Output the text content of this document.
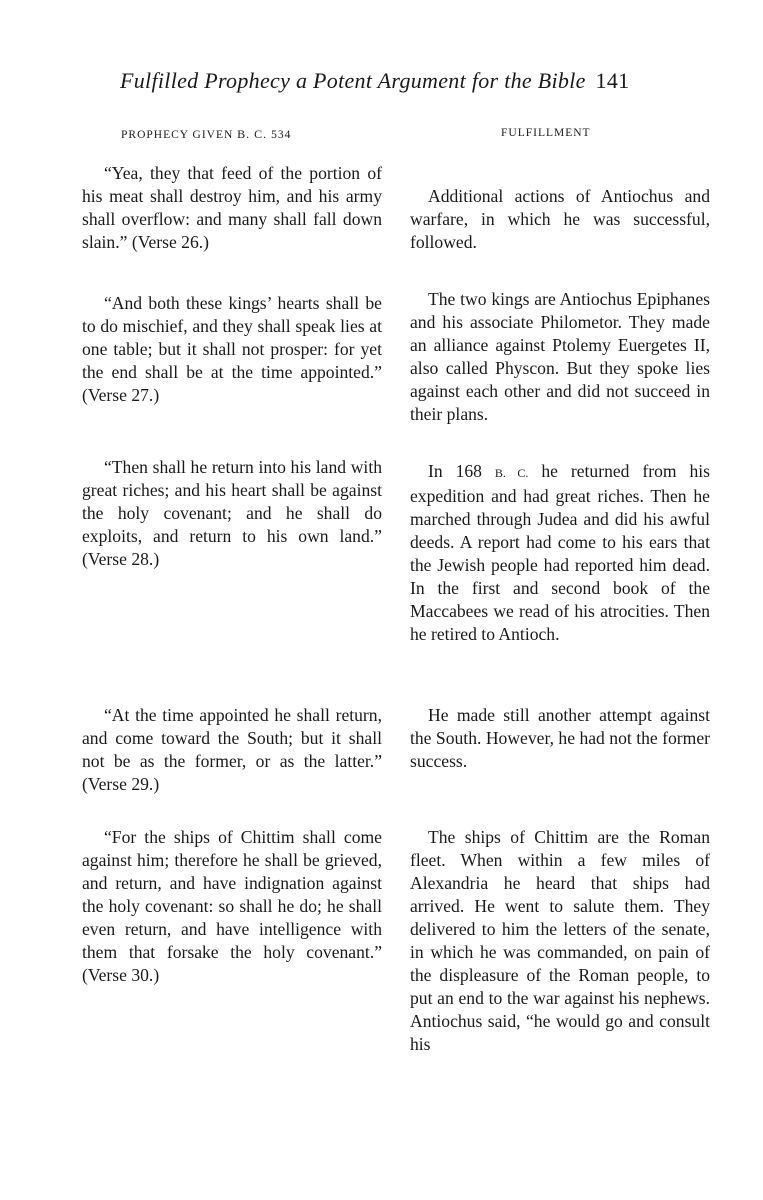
Fulfilled Prophecy a Potent Argument for the Bible 141
PROPHECY GIVEN B. C. 534	FULFILLMENT

“Yea, they that feed of the portion of his meat shall destroy him, and his army shall overflow: and many shall fall down slain.” (Verse 26.)

“And both these kings’ hearts shall be to do mischief, and they shall speak lies at one table; but it shall not prosper: for yet the end shall be at the time appointed.” (Verse 27.)

“Then shall he return into his land with great riches; and his heart shall be against the holy covenant; and he shall do exploits, and return to his own land.” (Verse 28.)

“At the time appointed he shall return, and come toward the South; but it shall not be as the former, or as the latter.” (Verse 29.)

“For the ships of Chittim shall come against him; therefore he shall be grieved, and return, and have indignation against the holy covenant: so shall he do; he shall even return, and have intelligence with them that forsake the holy covenant.” (Verse 30.)

Additional actions of Antiochus and warfare, in which he was successful, followed.

The two kings are Antiochus Epiphanes and his associate Philometor. They made an alliance against Ptolemy Euergetes II, also called Physcon. But they spoke lies against each other and did not succeed in their plans.

In 168 B. C. he returned from his expedition and had great riches. Then he marched through Judea and did his awful deeds. A report had come to his ears that the Jewish people had reported him dead. In the first and second book of the Maccabees we read of his atrocities. Then he retired to Antioch.

He made still another attempt against the South. However, he had not the former success.

The ships of Chittim are the Roman fleet. When within a few miles of Alexandria he heard that ships had arrived. He went to salute them. They delivered to him the letters of the senate, in which he was commanded, on pain of the displeasure of the Roman people, to put an end to the war against his nephews. Antiochus said, “he would go and consult his
